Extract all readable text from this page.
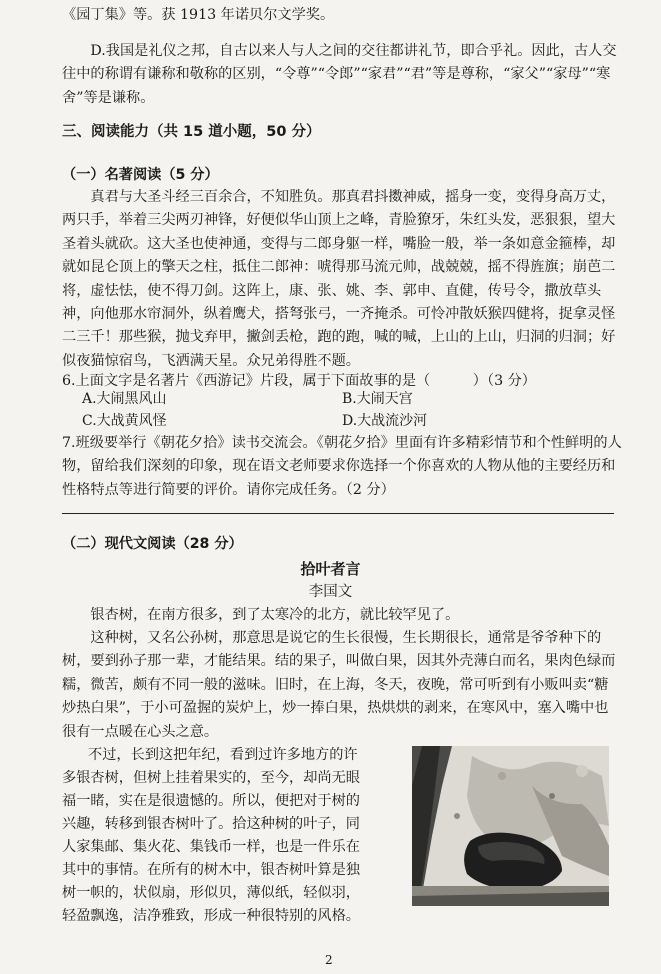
《园丁集》等。获 1913 年诺贝尔文学奖。

D.我国是礼仪之邦，自古以来人与人之间的交往都讲礼节，即合乎礼。因此，古人交往中的称谓有谦称和敬称的区别，“令尊”“令郎”“家君”“君”等是尊称，“家父”“家母”“寒舍”等是谦称。

三、阅读能力（共 15 道小题，50 分）

（一）名著阅读（5 分）

真君与大圣斗经三百余合，不知胜负。那真君抖擞神威，摇身一变，变得身高万丈，两只手，举着三尖两刃神锋，好便似华山顶上之峰，青脸獠牙，朱红头发，恶狠狠，望大圣着头就砍。这大圣也使神通，变得与二郎身躯一样，嘴脸一般，举一条如意金箍棒，却就如昆仑顶上的擎天之柱，抵住二郎神：唬得那马流元帅，战兢兢，摇不得旌旗；崩芭二将，虚怯怯，使不得刀剑。这阵上，康、张、姚、李、郭申、直健，传号令，撒放草头神，向他那水帘洞外，纵着鹰犬，搭弩张弓，一齐掩杀。可怜冲散妖猴四健将，捉拿灵怪二三千！那些猴，抛戈弃甲，撇剑丢枪，跑的跑，喊的喊，上山的上山，归洞的归洞；好似夜猫惊宿鸟，飞洒满天星。众兄弟得胜不题。

6.上面文字是名著片《西游记》片段，属于下面故事的是（　　　）（3 分）

A.大闹黑风山	B.大闹天宫
C.大战黄风怪	D.大战流沙河

7.班级要举行《朝花夕拾》读书交流会。《朝花夕拾》里面有许多精彩情节和个性鲜明的人物，留给我们深刻的印象，现在语文老师要求你选择一个你喜欢的人物从他的主要经历和性格特点等进行简要的评价。请你完成任务。（2 分）

（二）现代文阅读（28 分）

拾叶者言
李国文

银杏树，在南方很多，到了太寒冷的北方，就比较罕见了。

这种树，又名公孙树，那意思是说它的生长很慢，生长期很长，通常是爷爷种下的树，要到孙子那一辈，才能结果。结的果子，叫做白果，因其外壳薄白而名，果肉色绿而糯，微苦，颇有不同一般的滋味。旧时，在上海，冬天，夜晚，常可听到有小贩叫卖“糖炒热白果”，于小可盈握的炭炉上，炒一捧白果，热烘烘的剥来，在寒风中，塞入嘴中也很有一点暖在心头之意。

不过，长到这把年纪，看到过许多地方的许

多银杏树，但树上挂着果实的，至今，却尚无眼

福一睹，实在是很遗憾的。所以，便把对于树的

兴趣，转移到银杏树叶了。拾这种树的叶子，同

人家集邮、集火花、集钱币一样，也是一件乐在

其中的事情。在所有的树木中，银杏树叶算是独

树一帜的，状似扇，形似贝，薄似纸，轻似羽，

轻盈飘逸，洁净雅致，形成一种很特别的风格。

2
